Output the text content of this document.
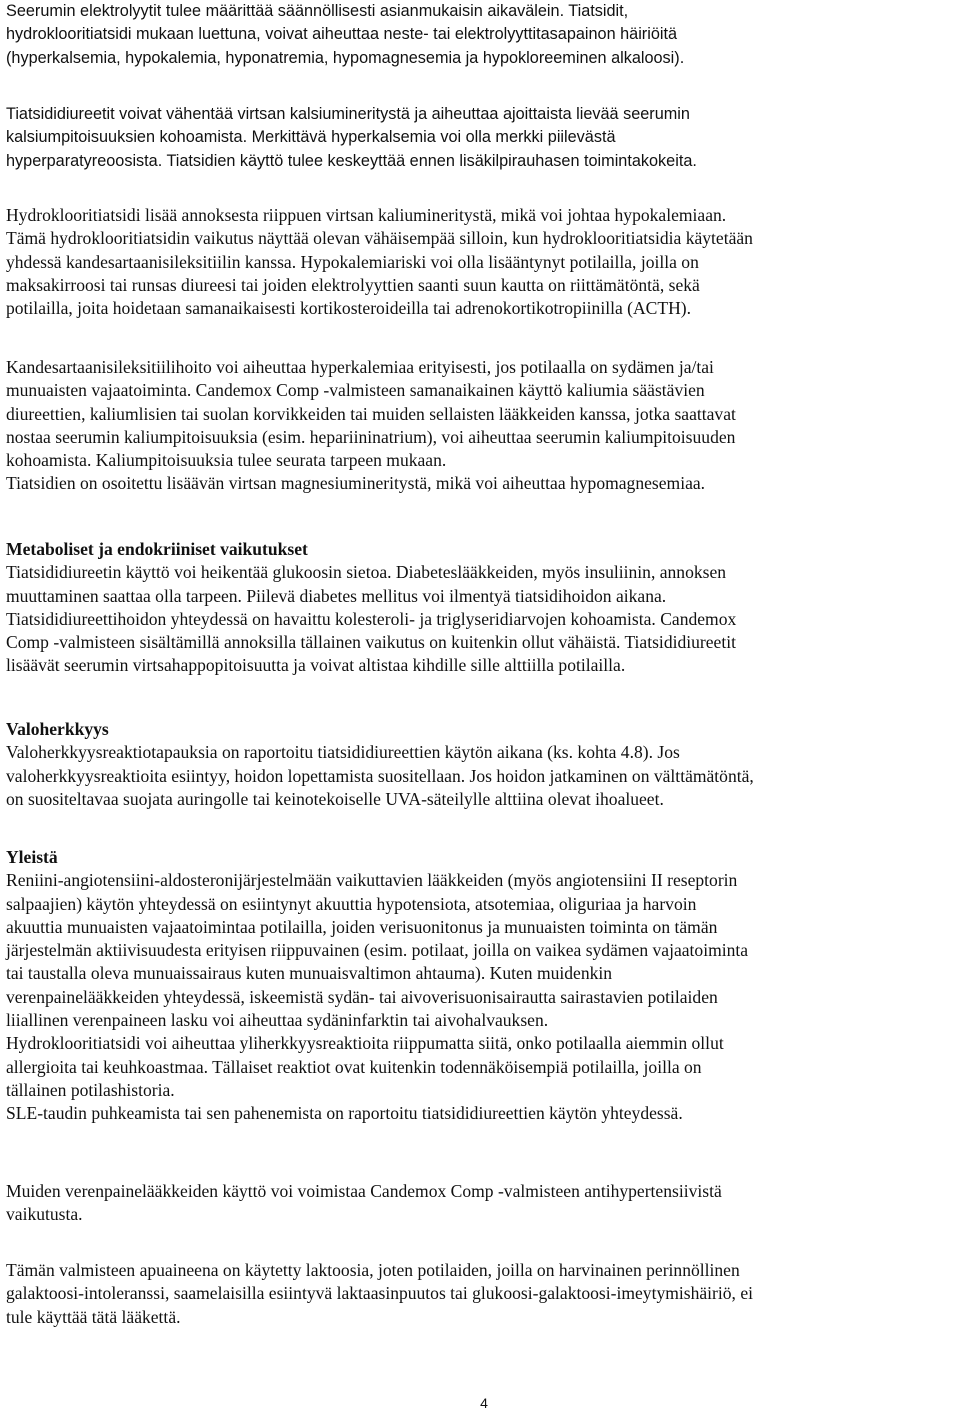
Seerumin elektrolyytit tulee määrittää säännöllisesti asianmukaisin aikavälein. Tiatsidit,
hydroklooritiatsidi mukaan luettuna, voivat aiheuttaa neste- tai elektrolyyttitasapainon häiriöitä
(hyperkalsemia, hypokalemia, hyponatremia, hypomagnesemia ja hypokloreeminen alkaloosi).
Tiatsididiureetit voivat vähentää virtsan kalsiumineritystä ja aiheuttaa ajoittaista lievää seerumin
kalsiumpitoisuuksien kohoamista. Merkittävä hyperkalsemia voi olla merkki piilevästä
hyperparatyreoosista. Tiatsidien käyttö tulee keskeyttää ennen lisäkilpirauhasen toimintakokeita.
Hydroklooritiatsidi lisää annoksesta riippuen virtsan kaliumineritystä, mikä voi johtaa hypokalemiaan.
Tämä hydroklooritiatsidin vaikutus näyttää olevan vähäisempää silloin, kun hydroklooritiatsidia käytetään
yhdessä kandesartaanisileksitiilin kanssa. Hypokalemiariski voi olla lisääntynyt potilailla, joilla on
maksakirroosi tai runsas diureesi tai joiden elektrolyyttien saanti suun kautta on riittämätöntä, sekä
potilailla, joita hoidetaan samanaikaisesti kortikosteroideilla tai adrenokortikotropiinilla (ACTH).
Kandesartaanisileksitiilihoito voi aiheuttaa hyperkalemiaa erityisesti, jos potilaalla on sydämen ja/tai
munuaisten vajaatoiminta. Candemox Comp -valmisteen samanaikainen käyttö kaliumia säästävien
diureettien, kaliumlisien tai suolan korvikkeiden tai muiden sellaisten lääkkeiden kanssa, jotka saattavat
nostaa seerumin kaliumpitoisuuksia (esim. hepariininatrium), voi aiheuttaa seerumin kaliumpitoisuuden
kohoamista. Kaliumpitoisuuksia tulee seurata tarpeen mukaan.
Tiatsidien on osoitettu lisäävän virtsan magnesiumineritystä, mikä voi aiheuttaa hypomagnesemiaa.
Metaboliset ja endokriiniset vaikutukset
Tiatsididiureetin käyttö voi heikentää glukoosin sietoa. Diabeteslääkkeiden, myös insuliinin, annoksen
muuttaminen saattaa olla tarpeen. Piilevä diabetes mellitus voi ilmentyä tiatsidihoidon aikana.
Tiatsididiureettihoidon yhteydessä on havaittu kolesteroli- ja triglyseridiarvojen kohoamista. Candemox
Comp -valmisteen sisältämillä annoksilla tällainen vaikutus on kuitenkin ollut vähäistä. Tiatsididiureetit
lisäävät seerumin virtsahappopitoisuutta ja voivat altistaa kihdille sille alttiilla potilailla.
Valoherkkyys
Valoherkkyysreaktiotapauksia on raportoitu tiatsididiureettien käytön aikana (ks. kohta 4.8). Jos
valoherkkyysreaktioita esiintyy, hoidon lopettamista suositellaan. Jos hoidon jatkaminen on välttämätöntä,
on suositeltavaa suojata auringolle tai keinotekoiselle UVA-säteilylle alttiina olevat ihoalueet.
Yleistä
Reniini-angiotensiini-aldosteronijärjestelmään vaikuttavien lääkkeiden (myös angiotensiini II reseptorin
salpaajien) käytön yhteydessä on esiintynyt akuuttia hypotensiota, atsotemiaa, oliguriaa ja harvoin
akuuttia munuaisten vajaatoimintaa potilailla, joiden verisuonitonus ja munuaisten toiminta on tämän
järjestelmän aktiivisuudesta erityisen riippuvainen (esim. potilaat, joilla on vaikea sydämen vajaatoiminta
tai taustalla oleva munuaissairaus kuten munuaisvaltimon ahtauma). Kuten muidenkin
verenpainelääkkeiden yhteydessä, iskeemistä sydän- tai aivoverisuonisairautta sairastavien potilaiden
liiallinen verenpaineen lasku voi aiheuttaa sydäninfarktin tai aivohalvauksen.
Hydroklooritiatsidi voi aiheuttaa yliherkkyysreaktioita riippumatta siitä, onko potilaalla aiemmin ollut
allergioita tai keuhkoastmaa. Tällaiset reaktiot ovat kuitenkin todennäköisempiä potilailla, joilla on
tällainen potilashistoria.
SLE-taudin puhkeamista tai sen pahenemista on raportoitu tiatsididiureettien käytön yhteydessä.
Muiden verenpainelääkkeiden käyttö voi voimistaa Candemox Comp -valmisteen antihypertensiivistä
vaikutusta.
Tämän valmisteen apuaineena on käytetty laktoosia, joten potilaiden, joilla on harvinainen perinnöllinen
galaktoosi-intoleranssi, saamelaisilla esiintyvä laktaasinpuutos tai glukoosi-galaktoosi-imeytymishäiriö, ei
tule käyttää tätä lääkettä.
4
